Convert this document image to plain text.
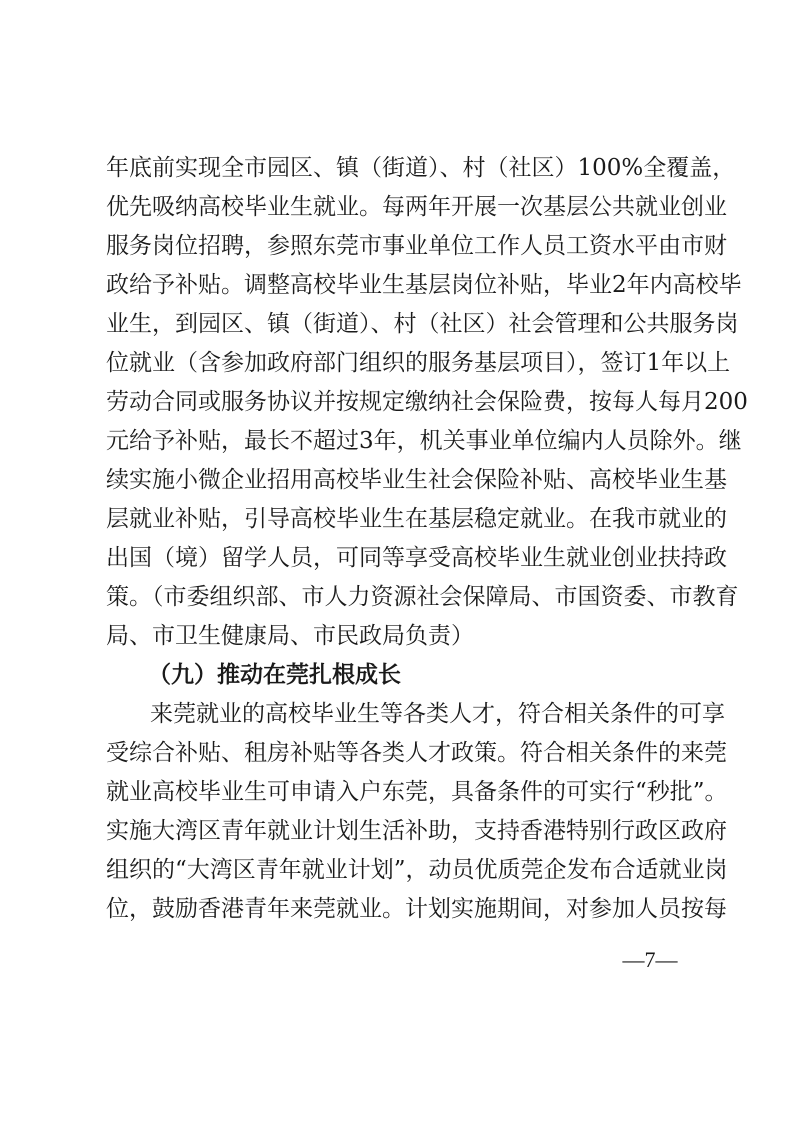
年底前实现全市园区、镇（街道）、村（社区）100%全覆盖，
优先吸纳高校毕业生就业。每两年开展一次基层公共就业创业
服务岗位招聘，参照东莞市事业单位工作人员工资水平由市财
政给予补贴。调整高校毕业生基层岗位补贴，毕业2年内高校毕
业生，到园区、镇（街道）、村（社区）社会管理和公共服务岗
位就业（含参加政府部门组织的服务基层项目），签订1年以上
劳动合同或服务协议并按规定缴纳社会保险费，按每人每月200
元给予补贴，最长不超过3年，机关事业单位编内人员除外。继
续实施小微企业招用高校毕业生社会保险补贴、高校毕业生基
层就业补贴，引导高校毕业生在基层稳定就业。在我市就业的
出国（境）留学人员，可同等享受高校毕业生就业创业扶持政
策。（市委组织部、市人力资源社会保障局、市国资委、市教育
局、市卫生健康局、市民政局负责）
（九）推动在莞扎根成长
来莞就业的高校毕业生等各类人才，符合相关条件的可享
受综合补贴、租房补贴等各类人才政策。符合相关条件的来莞
就业高校毕业生可申请入户东莞，具备条件的可实行“秒批”。
实施大湾区青年就业计划生活补助，支持香港特别行政区政府
组织的“大湾区青年就业计划”，动员优质莞企发布合适就业岗
位，鼓励香港青年来莞就业。计划实施期间，对参加人员按每
—7—
